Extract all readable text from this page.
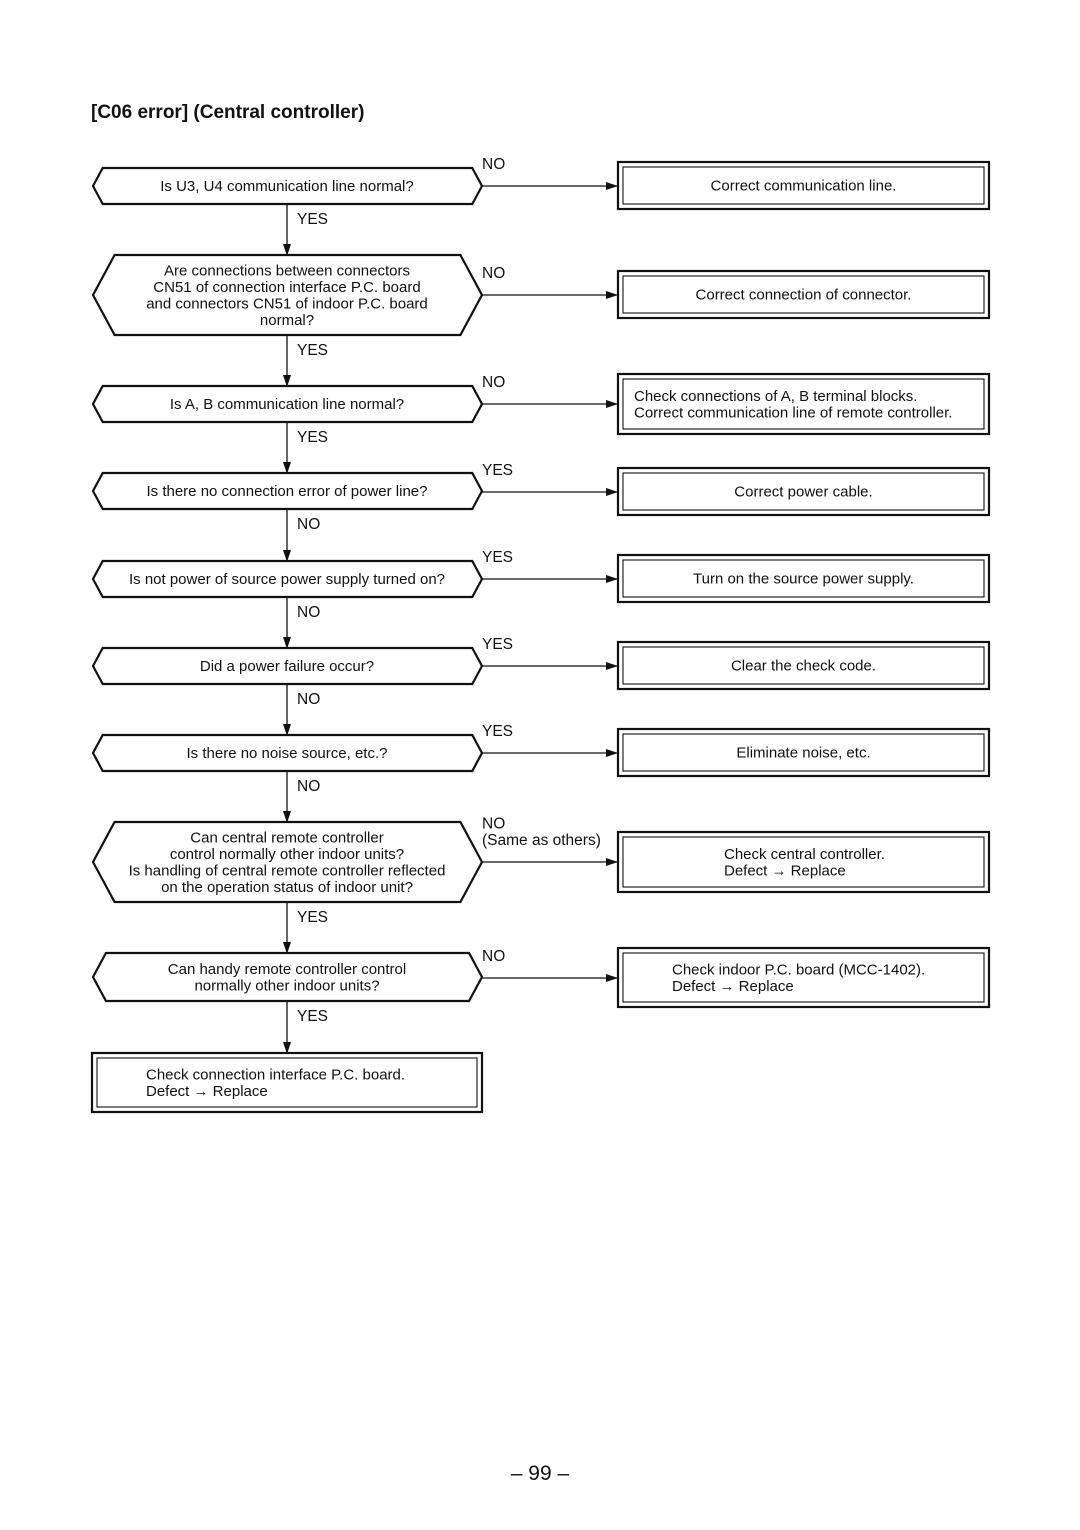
[C06 error] (Central controller)
NO
NO
NO
YES
YES
YES
YES
NO
(Same as others)
NO
YES
YES
YES
NO
NO
NO
NO
YES
YES
Is U3, U4 communication line normal?
Are connections between connectors
CN51 of connection interface P.C. board
and connectors CN51 of indoor P.C. board
normal?
Is A, B communication line normal?
Is there no connection error of power line?
Is not power of source power supply turned on?
Did a power failure occur?
Is there no noise source, etc.?
Can central remote controller
control normally other indoor units?
Is handling of central remote controller reflected
on the operation status of indoor unit?
Can handy remote controller control
normally other indoor units?
Correct communication line.
Correct connection of connector.
Check connections of A, B terminal blocks.
Correct communication line of remote controller.
Correct power cable.
Turn on the source power supply.
Clear the check code.
Eliminate noise, etc.
Check central controller.
Defect → Replace
Check indoor P.C. board (MCC-1402).
Defect → Replace
Check connection interface P.C. board.
Defect → Replace
– 99 –
